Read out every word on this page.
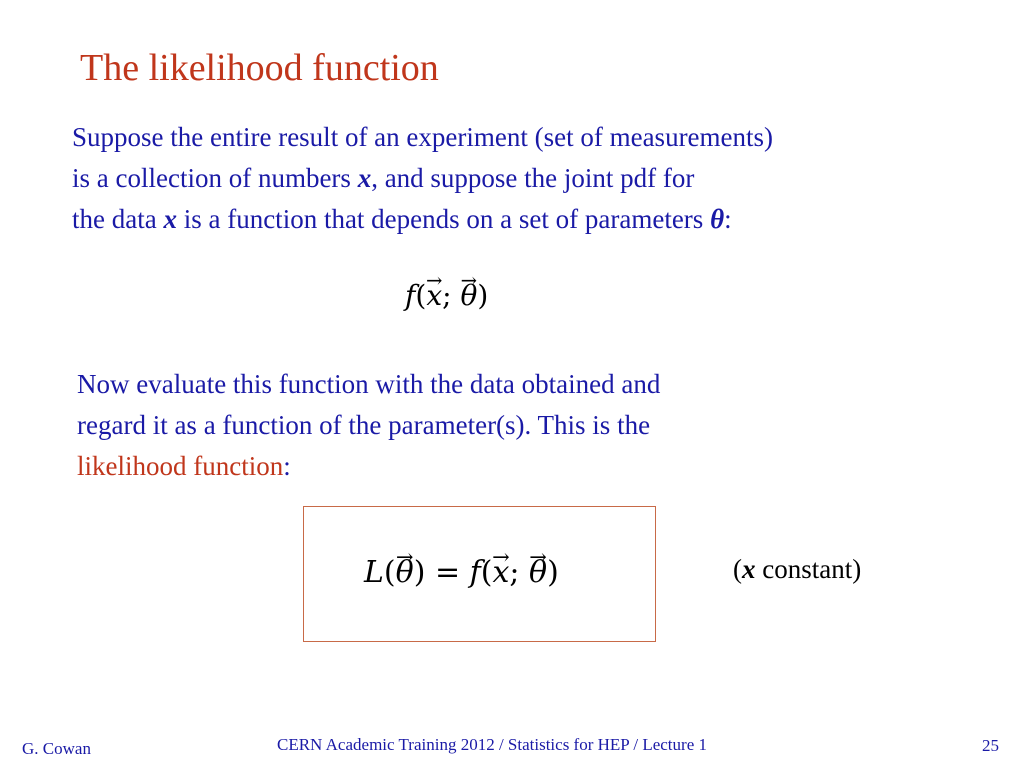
The likelihood function
Suppose the entire result of an experiment (set of measurements)
is a collection of numbers x, and suppose the joint pdf for
the data x is a function that depends on a set of parameters θ:
f(→ x; → θ)
Now evaluate this function with the data obtained and
regard it as a function of the parameter(s). This is the
likelihood function:
L(→ θ) = f(→ x; → θ)	(x constant)
G. Cowan	CERN Academic Training 2012 / Statistics for HEP / Lecture 1	25
